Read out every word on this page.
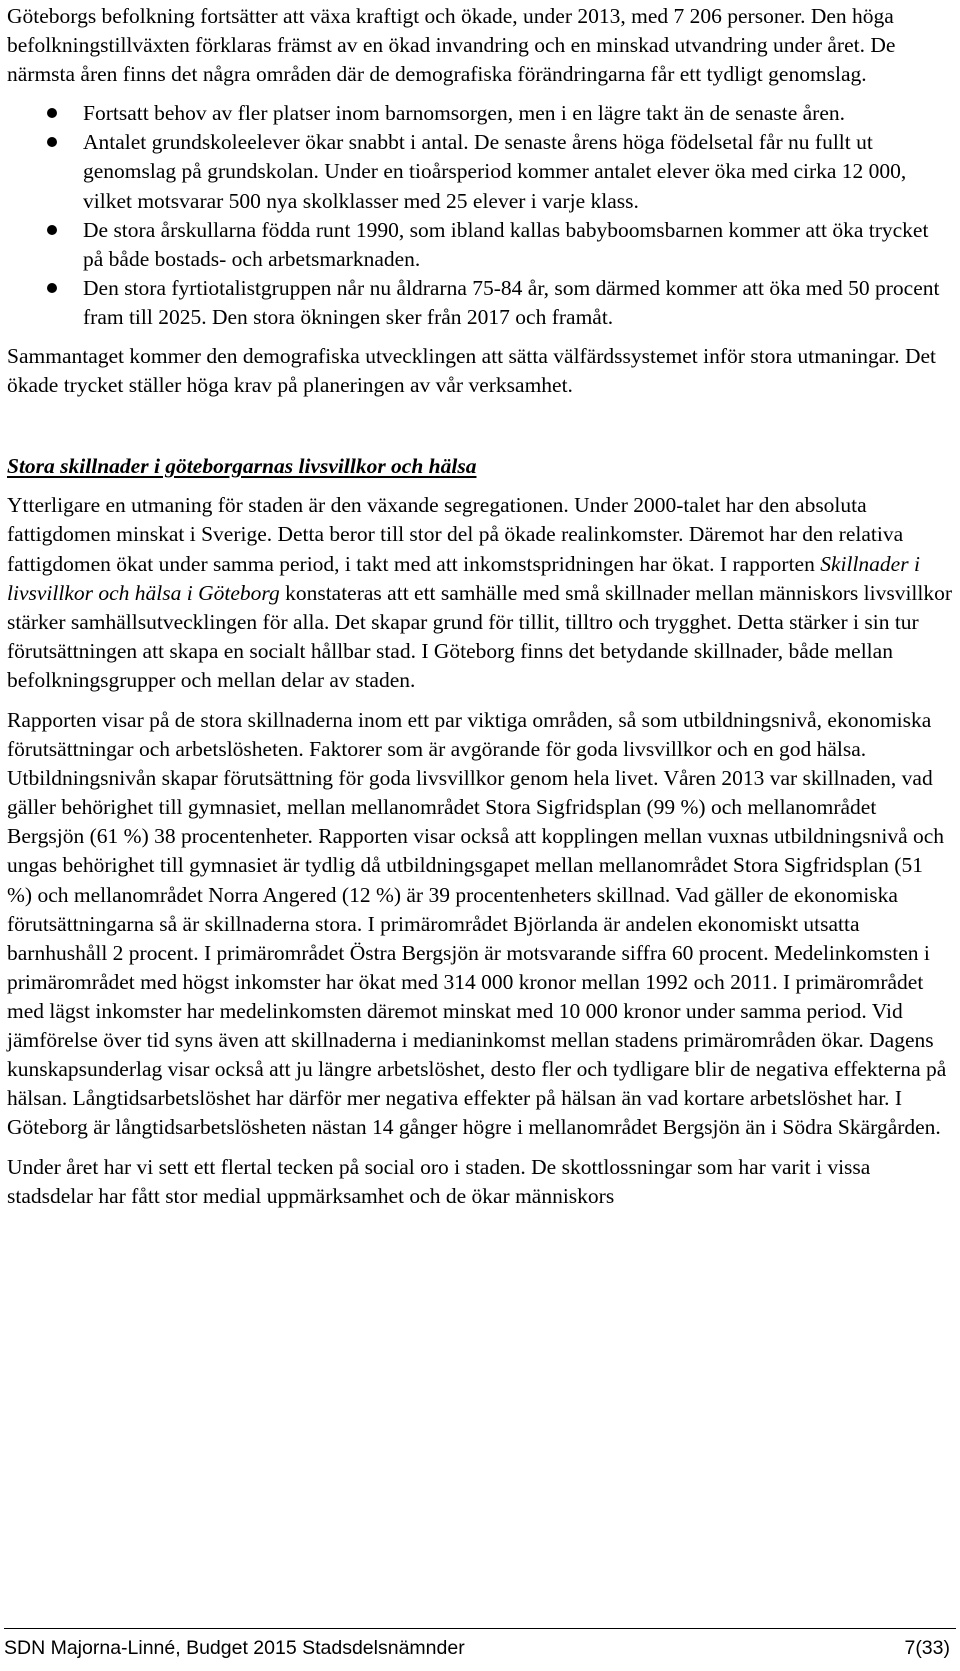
Göteborgs befolkning fortsätter att växa kraftigt och ökade, under 2013, med 7 206 personer. Den höga befolkningstillväxten förklaras främst av en ökad invandring och en minskad utvandring under året. De närmsta åren finns det några områden där de demografiska förändringarna får ett tydligt genomslag.

Fortsatt behov av fler platser inom barnomsorgen, men i en lägre takt än de senaste åren.
Antalet grundskoleelever ökar snabbt i antal. De senaste årens höga födelsetal får nu fullt ut genomslag på grundskolan. Under en tioårsperiod kommer antalet elever öka med cirka 12 000, vilket motsvarar 500 nya skolklasser med 25 elever i varje klass.
De stora årskullarna födda runt 1990, som ibland kallas babyboomsbarnen kommer att öka trycket på både bostads- och arbetsmarknaden.
Den stora fyrtiotalistgruppen når nu åldrarna 75-84 år, som därmed kommer att öka med 50 procent fram till 2025. Den stora ökningen sker från 2017 och framåt.

Sammantaget kommer den demografiska utvecklingen att sätta välfärdssystemet inför stora utmaningar. Det ökade trycket ställer höga krav på planeringen av vår verksamhet.

Stora skillnader i göteborgarnas livsvillkor och hälsa

Ytterligare en utmaning för staden är den växande segregationen. Under 2000-talet har den absoluta fattigdomen minskat i Sverige. Detta beror till stor del på ökade realinkomster. Däremot har den relativa fattigdomen ökat under samma period, i takt med att inkomstspridningen har ökat. I rapporten Skillnader i livsvillkor och hälsa i Göteborg konstateras att ett samhälle med små skillnader mellan människors livsvillkor stärker samhällsutvecklingen för alla. Det skapar grund för tillit, tilltro och trygghet. Detta stärker i sin tur förutsättningen att skapa en socialt hållbar stad. I Göteborg finns det betydande skillnader, både mellan befolkningsgrupper och mellan delar av staden.

Rapporten visar på de stora skillnaderna inom ett par viktiga områden, så som utbildningsnivå, ekonomiska förutsättningar och arbetslösheten. Faktorer som är avgörande för goda livsvillkor och en god hälsa. Utbildningsnivån skapar förutsättning för goda livsvillkor genom hela livet. Våren 2013 var skillnaden, vad gäller behörighet till gymnasiet, mellan mellanområdet Stora Sigfridsplan (99 %) och mellanområdet Bergsjön (61 %) 38 procentenheter. Rapporten visar också att kopplingen mellan vuxnas utbildningsnivå och ungas behörighet till gymnasiet är tydlig då utbildningsgapet mellan mellanområdet Stora Sigfridsplan (51 %) och mellanområdet Norra Angered (12 %) är 39 procentenheters skillnad. Vad gäller de ekonomiska förutsättningarna så är skillnaderna stora. I primärområdet Björlanda är andelen ekonomiskt utsatta barnhushåll 2 procent. I primärområdet Östra Bergsjön är motsvarande siffra 60 procent. Medelinkomsten i primärområdet med högst inkomster har ökat med 314 000 kronor mellan 1992 och 2011. I primärområdet med lägst inkomster har medelinkomsten däremot minskat med 10 000 kronor under samma period. Vid jämförelse över tid syns även att skillnaderna i medianinkomst mellan stadens primärområden ökar. Dagens kunskapsunderlag visar också att ju längre arbetslöshet, desto fler och tydligare blir de negativa effekterna på hälsan. Långtidsarbetslöshet har därför mer negativa effekter på hälsan än vad kortare arbetslöshet har. I Göteborg är långtidsarbetslösheten nästan 14 gånger högre i mellanområdet Bergsjön än i Södra Skärgården.

Under året har vi sett ett flertal tecken på social oro i staden. De skottlossningar som har varit i vissa stadsdelar har fått stor medial uppmärksamhet och de ökar människors

SDN Majorna-Linné, Budget 2015 Stadsdelsnämnder	7(33)
